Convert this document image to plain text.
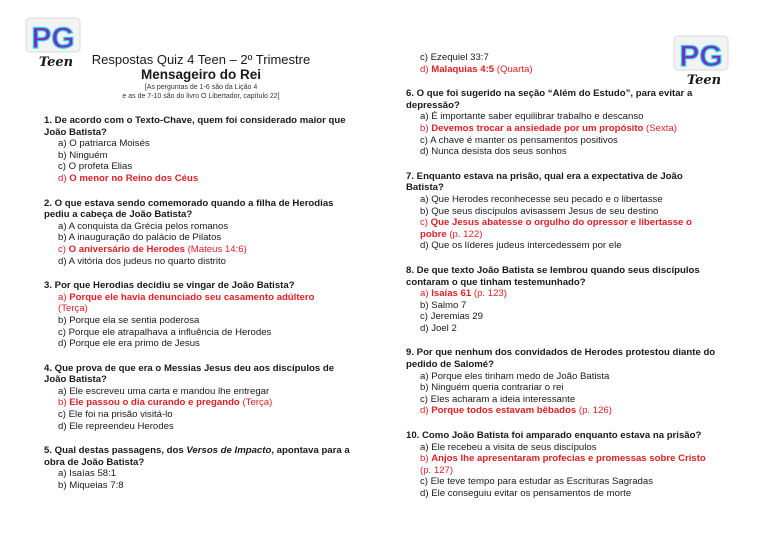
PG
Teen	PG
Teen
Respostas Quiz 4 Teen – 2º Trimestre
Mensageiro do Rei
[As perguntas de 1-6 são da Lição 4
e as de 7-10 são do livro O Libertador, capítulo 22]
1. De acordo com o Texto-Chave, quem foi considerado maior que João Batista?
a) O patriarca Moisés
b) Ninguém
c) O profeta Elias
d) O menor no Reino dos Céus
2. O que estava sendo comemorado quando a filha de Herodias pediu a cabeça de João Batista?
a) A conquista da Grécia pelos romanos
b) A inauguração do palácio de Pilatos
c) O aniversário de Herodes (Mateus 14:6)
d) A vitória dos judeus no quarto distrito
3. Por que Herodias decidiu se vingar de João Batista?
a) Porque ele havia denunciado seu casamento adúltero
(Terça)
b) Porque ela se sentia poderosa
c) Porque ele atrapalhava a influência de Herodes
d) Porque ele era primo de Jesus
4. Que prova de que era o Messias Jesus deu aos discípulos de João Batista?
a) Ele escreveu uma carta e mandou lhe entregar
b) Ele passou o dia curando e pregando (Terça)
c) Ele foi na prisão visitá-lo
d) Ele repreendeu Herodes
5. Qual destas passagens, dos Versos de Impacto, apontava para a obra de João Batista?
a) Isaías 58:1
b) Miqueias 7:8
c) Ezequiel 33:7
d) Malaquias 4:5 (Quarta)
6. O que foi sugerido na seção “Além do Estudo”, para evitar a depressão?
a) É importante saber equilibrar trabalho e descanso
b) Devemos trocar a ansiedade por um propósito (Sexta)
c) A chave é manter os pensamentos positivos
d) Nunca desista dos seus sonhos
7. Enquanto estava na prisão, qual era a expectativa de João Batista?
a) Que Herodes reconhecesse seu pecado e o libertasse
b) Que seus discípulos avisassem Jesus de seu destino
c) Que Jesus abatesse o orgulho do opressor e libertasse o pobre (p. 122)
d) Que os líderes judeus intercedessem por ele
8. De que texto João Batista se lembrou quando seus discípulos contaram o que tinham testemunhado?
a) Isaías 61 (p. 123)
b) Salmo 7
c) Jeremias 29
d) Joel 2
9. Por que nenhum dos convidados de Herodes protestou diante do pedido de Salomé?
a) Porque eles tinham medo de João Batista
b) Ninguém queria contrariar o rei
c) Eles acharam a ideia interessante
d) Porque todos estavam bêbados (p. 126)
10. Como João Batista foi amparado enquanto estava na prisão?
a) Ele recebeu a visita de seus discípulos
b) Anjos lhe apresentaram profecias e promessas sobre Cristo (p. 127)
c) Ele teve tempo para estudar as Escrituras Sagradas
d) Ele conseguiu evitar os pensamentos de morte
